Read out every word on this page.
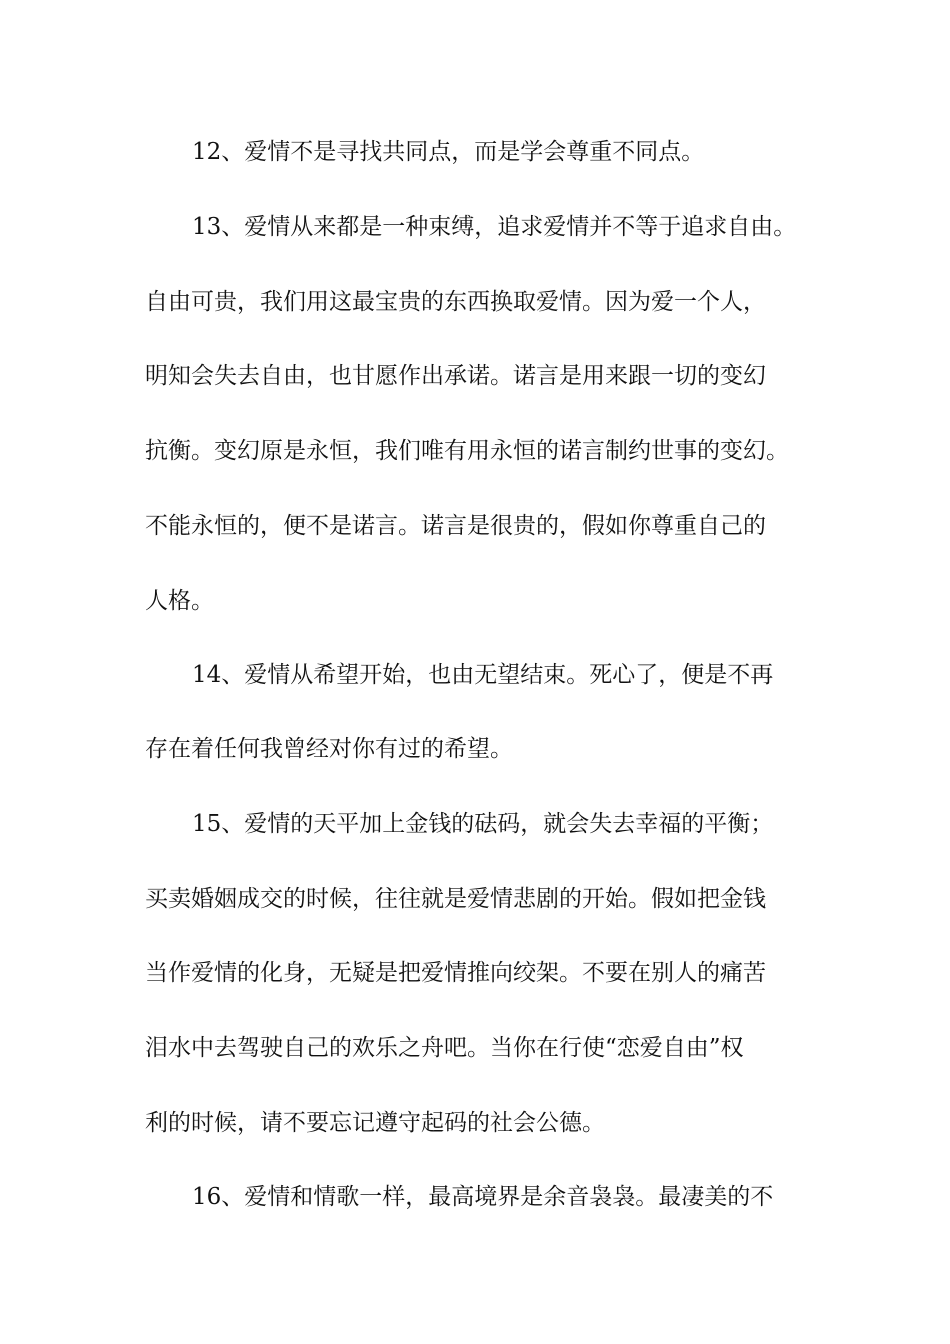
12、爱情不是寻找共同点，而是学会尊重不同点。
13、爱情从来都是一种束缚，追求爱情并不等于追求自由。
自由可贵，我们用这最宝贵的东西换取爱情。因为爱一个人，
明知会失去自由，也甘愿作出承诺。诺言是用来跟一切的变幻
抗衡。变幻原是永恒，我们唯有用永恒的诺言制约世事的变幻。
不能永恒的，便不是诺言。诺言是很贵的，假如你尊重自己的
人格。
14、爱情从希望开始，也由无望结束。死心了，便是不再
存在着任何我曾经对你有过的希望。
15、爱情的天平加上金钱的砝码，就会失去幸福的平衡；
买卖婚姻成交的时候，往往就是爱情悲剧的开始。假如把金钱
当作爱情的化身，无疑是把爱情推向绞架。不要在别人的痛苦
泪水中去驾驶自己的欢乐之舟吧。当你在行使“恋爱自由”权
利的时候，请不要忘记遵守起码的社会公德。
16、爱情和情歌一样，最高境界是余音袅袅。最凄美的不
